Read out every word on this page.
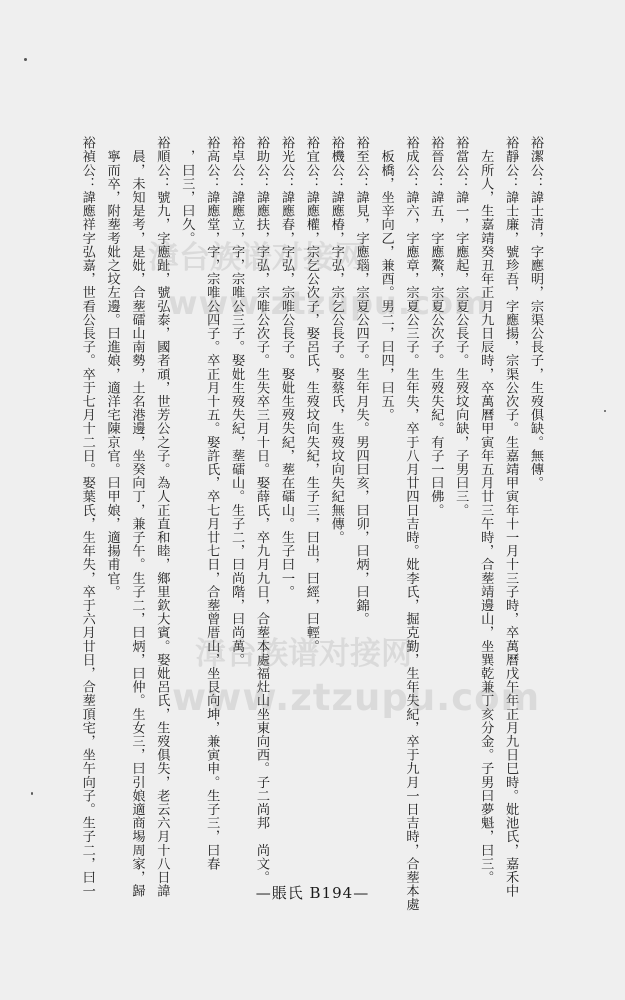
裕潔公：諱士清，字應明，宗渠公長子，生歿俱缺。無傳。
裕靜公：諱士廉，號珍吾，字應揚，宗渠公次子。生嘉靖甲寅年十一月十三子時，卒萬曆戊午年正月九日巳時。妣池氏，嘉禾中
　左所人，生嘉靖癸丑年正月九日辰時，卒萬曆甲寅年五月廿三午時，合塟靖邊山，坐巽乾兼丁亥分金。子男曰夢魁，曰三。
裕當公：諱一，字應起，宗夏公長子。生歿坟向缺，子男曰三。
裕晉公：諱五，字應鰲，宗夏公次子。生歿失紀。有子一曰佛。
裕成公：諱六，字應章，宗夏公三子。生年失，卒于八月廿四日吉時。妣李氏，掘克勤，生年失紀，卒于九月一日吉時，合塟本處
　板橋，坐辛向乙，兼酉。男二，曰四，曰五。
裕至公：諱見，字應瑙，宗夏公四子。生年月失。男四曰亥，曰卯，曰炳，曰錦。
裕機公：諱應椿，字弘，宗乞公長子。娶蔡氏，生歿坟向失紀無傳。
裕宜公：諱應權，宗乞公次子，娶呂氏，生歿坟向失紀，生子三，曰出，曰經，曰輕。
裕光公：諱應春，字弘，宗唯公長子。娶妣生歿失紀，塟在礌山。生子曰一。
裕助公：諱應扶，字弘，宗唯公次子。生失卒三月十日。娶薛氏，卒九月九日，合塟本處福灶山坐東向西。子二尚邦　尚文。
裕卓公：諱應立，字，宗唯公三子。娶妣生歿失紀，塟礌山。生子二，曰尚階，曰尚萬。
裕高公：諱應堂，字，宗唯公四子。卒正月十五。娶許氏，卒七月廿七日，合塟曾厝山，坐艮向坤，兼寅申。生子三，曰春
　，曰三，曰久。
裕順公：號九，字應趾，號弘泰，國者頑，世芳公之子。為人正直和睦，鄉里欽大賓。娶妣呂氏，生歿俱失，老云六月十八日諱
　晨，未知是考，是妣，合塟礌山南勢，土名港邊，坐癸向丁，兼子午。生子二，曰炳，曰仲。生女三，曰引娘適商埸周家，歸
　寧而卒，附塟考妣之坟左邊。曰進娘，適洋宅陳京官。曰甲娘，適揚甫官。
裕禎公：諱應祥字弘嘉，世看公長子。卒于七月十二日。娶葉氏，生年失，卒于六月廿日，合塟頂宅，坐午向子。生子二，曰一 漳台族谱对接网
www.ztzupu.com
漳台族谱对接网
www.ztzupu.com
—賬氏 B194—
